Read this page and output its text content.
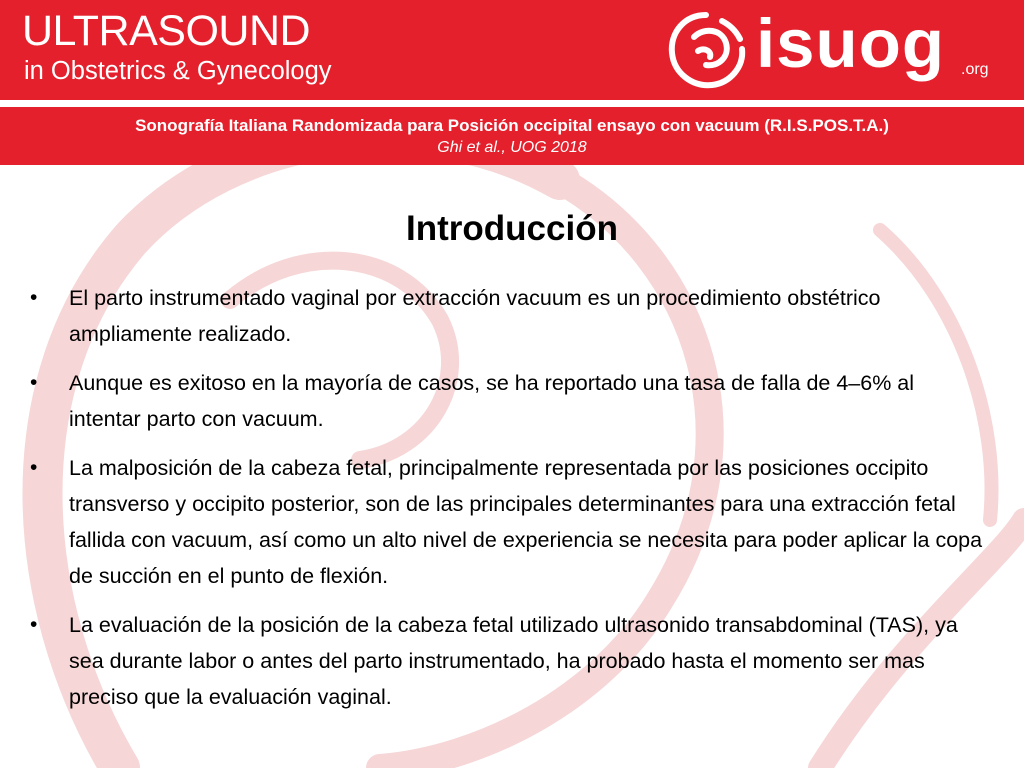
ULTRASOUND

in Obstetrics & Gynecology	isuog .org

Sonografía Italiana Randomizada para Posición occipital ensayo con vacuum (R.I.S.POS.T.A.)

Ghi et al., UOG 2018

Introducción
• El parto instrumentado vaginal por extracción vacuum es un procedimiento obstétrico ampliamente realizado.
• Aunque es exitoso en la mayoría de casos, se ha reportado una tasa de falla de 4–6% al intentar parto con vacuum.
• La malposición de la cabeza fetal, principalmente representada por las posiciones occipito transverso y occipito posterior, son de las principales determinantes para una extracción fetal fallida con vacuum, así como un alto nivel de experiencia se necesita para poder aplicar la copa de succión en el punto de flexión.
• La evaluación de la posición de la cabeza fetal utilizado ultrasonido transabdominal (TAS), ya sea durante labor o antes del parto instrumentado, ha probado hasta el momento ser mas preciso que la evaluación vaginal.
